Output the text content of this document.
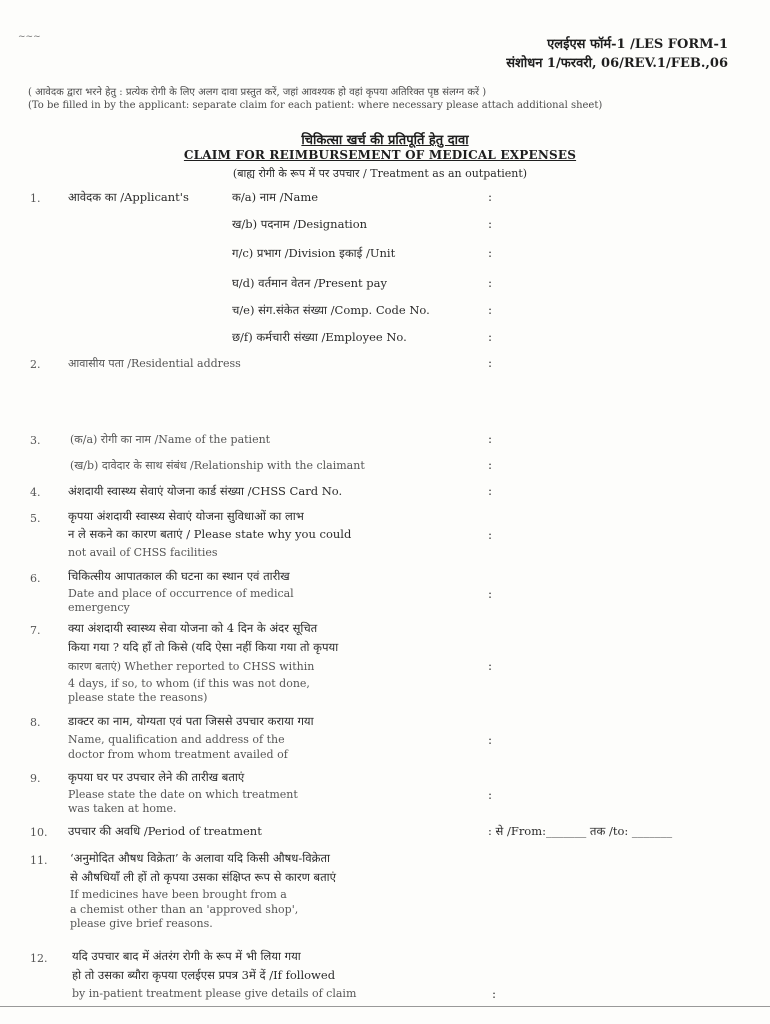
~~~	एलईएस फॉर्म-1 /LES FORM-1
संशोधन 1/फरवरी, 06/REV.1/FEB.,06
( आवेदक द्वारा भरने हेतु : प्रत्येक रोगी के लिए अलग दावा प्रस्तुत करें, जहां आवश्यक हो वहां कृपया अतिरिक्त पृष्ठ संलग्न करें )
(To be filled in by the applicant: separate claim for each patient: where necessary please attach additional sheet)
चिकित्सा खर्च की प्रतिपूर्ति हेतु दावा
CLAIM FOR REIMBURSEMENT OF MEDICAL EXPENSES
(बाह्य रोगी के रूप में पर उपचार / Treatment as an outpatient)
1. आवेदक का /Applicant's	क/a) नाम /Name	:
ख/b) पदनाम /Designation	:
ग/c) प्रभाग /Division इकाई /Unit	:
घ/d) वर्तमान वेतन /Present pay	:
च/e) संग.संकेत संख्या /Comp. Code No.	:
छ/f) कर्मचारी संख्या /Employee No.	:
2.	आवासीय पता /Residential address	:
3.	(क/a) रोगी का नाम /Name of the patient	:
(ख/b) दावेदार के साथ संबंध /Relationship with the claimant	:
4. अंशदायी स्वास्थ्य सेवाएं योजना कार्ड संख्या /CHSS Card No.	:
5. कृपया अंशदायी स्वास्थ्य सेवाएं योजना सुविधाओं का लाभ
न ले सकने का कारण बताएं / Please state why you could
not avail of CHSS facilities
:
6. चिकित्सीय आपातकाल की घटना का स्थान एवं तारीख
Date and place of occurrence of medical
emergency
:
7. क्या अंशदायी स्वास्थ्य सेवा योजना को 4 दिन के अंदर सूचित
किया गया ? यदि हाँ तो किसे (यदि ऐसा नहीं किया गया तो कृपया
कारण बताएं) Whether reported to CHSS within
4 days, if so, to whom (if this was not done,
please state the reasons)
:
8. डाक्टर का नाम, योग्यता एवं पता जिससे उपचार कराया गया
Name, qualification and address of the
doctor from whom treatment availed of
:
9. कृपया घर पर उपचार लेने की तारीख बताएं
Please state the date on which treatment
was taken at home.
:
10. उपचार की अवधि /Period of treatment	: से /From:_______ तक /to: _______
11. ‘अनुमोदित औषध विक्रेता’ के अलावा यदि किसी औषध-विक्रेता
से औषधियाँ ली हों तो कृपया उसका संक्षिप्त रूप से कारण बताएं
If medicines have been brought from a
a chemist other than an 'approved shop',
please give brief reasons.
12. यदि उपचार बाद में अंतरंग रोगी के रूप में भी लिया गया
हो तो उसका ब्यौरा कृपया एलईएस प्रपत्र 3में दें /If followed
by in-patient treatment please give details of claim	:
